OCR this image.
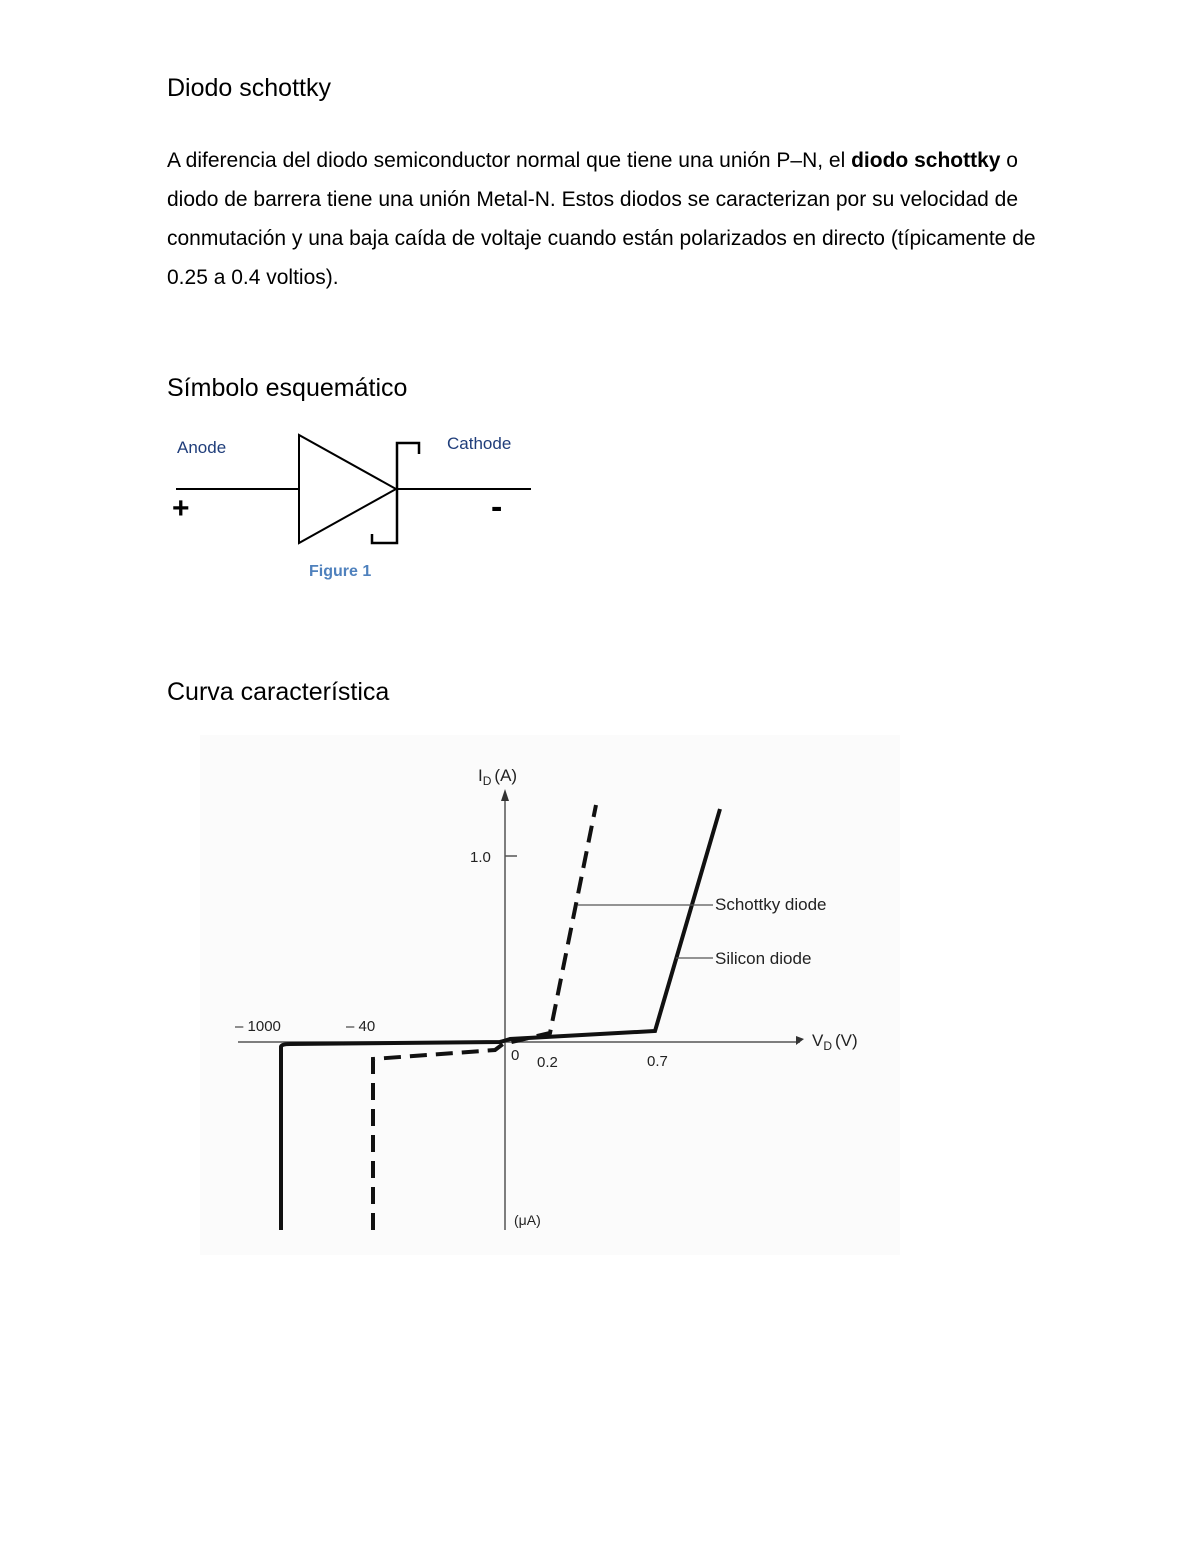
Diodo schottky

A diferencia del diodo semiconductor normal que tiene una unión P–N, el diodo schottky o diodo de barrera tiene una unión Metal-N. Estos diodos se caracterizan por su velocidad de conmutación y una baja caída de voltaje cuando están polarizados en directo (típicamente de 0.25 a 0.4 voltios).

Símbolo esquemático
Anode	Cathode
+	-
Figure 1
Curva característica
$I_D$ (A)
$V_D$ (V)
(μA)
1.0
0 0.2	0.7
– 1000	– 40
Schottky diode
Silicon diode
